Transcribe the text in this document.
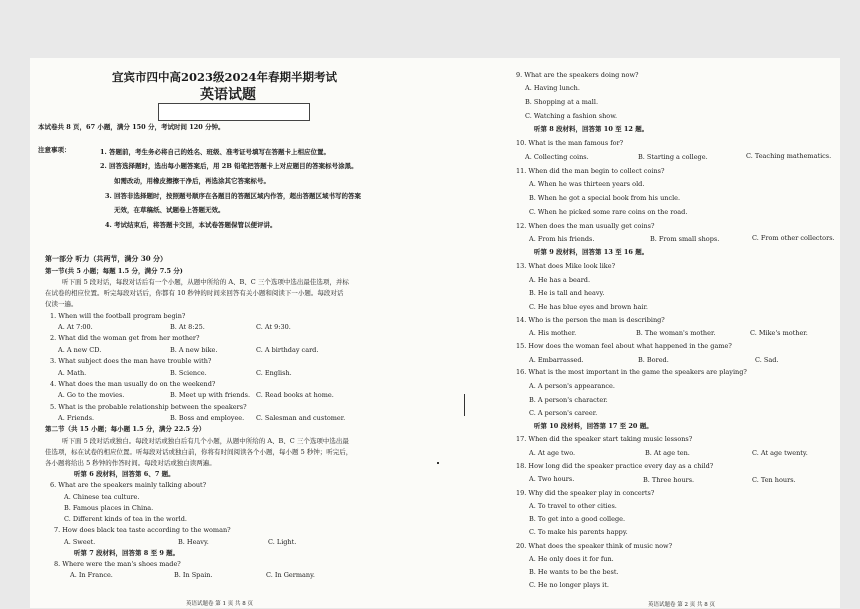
宜宾市四中高2023级2024年春期半期考试
英语试题
本试卷共 8 页，67 小题，满分 150 分，考试时间 120 分钟。
注意事项：	1. 答题前，考生务必将自己的姓名、班级、准考证号填写在答题卡上相应位置。
2. 回答选择题时，选出每小题答案后，用 2B 铅笔把答题卡上对应题目的答案标号涂黑。
如需改动，用橡皮擦擦干净后，再选涂其它答案标号。
3. 回答非选择题时，按照题号顺序在各题目的答题区域内作答，超出答题区域书写的答案
无效，在草稿纸、试题卷上答题无效。
4. 考试结束后，将答题卡交回，本试卷答题保管以便评讲。
第一部分 听力（共两节，满分 30 分）
第一节(共 5 小题；每题 1.5 分，满分 7.5 分)
听下面 5 段对话，每段对话后有一个小题，从题中所给的 A、B、C 三个选项中选出最佳选项，并标
在试卷的相应位置。听完每段对话后，你都有 10 秒钟的时间来回答有关小题和阅读下一小题。每段对话
仅读一遍。
1. When will the football program begin?
A. At 7:00.	B. At 8:25.	C. At 9:30.
2. What did the woman get from her mother?
A. A new CD.	B. A new bike.	C. A birthday card.
3. What subject does the man have trouble with?
A. Math.	B. Science.	C. English.
4. What does the man usually do on the weekend?
A. Go to the movies.	B. Meet up with friends. C. Read books at home.
5. What is the probable relationship between the speakers?
A. Friends.	B. Boss and employee. C. Salesman and customer.
第二节（共 15 小题；每小题 1.5 分，满分 22.5 分）
听下面 5 段对话或独白。每段对话或独白后有几个小题，从题中所给的 A、B、C 三个选项中选出最
佳选项，标在试卷的相应位置。听每段对话或独白前，你将有时间阅读各个小题，每小题 5 秒钟；听完后，
各小题将给出 5 秒钟的作答时间。每段对话或独白读两遍。
听第 6 段材料，回答第 6、7 题。
6. What are the speakers mainly talking about?
A. Chinese tea culture.
B. Famous places in China.
C. Different kinds of tea in the world.
7. How does black tea taste according to the woman?
A. Sweet.	B. Heavy.	C. Light.
听第 7 段材料，回答第 8 至 9 题。
8. Where were the man's shoes made?
A. In France.	B. In Spain.	C. In Germany.
英语试题卷 第 1 页 共 8 页
9. What are the speakers doing now?
A. Having lunch.
B. Shopping at a mall.
C. Watching a fashion show.
听第 8 段材料，回答第 10 至 12 题。
10. What is the man famous for?
A. Collecting coins.	B. Starting a college.	C. Teaching mathematics.
11. When did the man begin to collect coins?
A. When he was thirteen years old.
B. When he got a special book from his uncle.
C. When he picked some rare coins on the road.
12. When does the man usually get coins?
A. From his friends.	B. From small shops.	C. From other collectors.
听第 9 段材料，回答第 13 至 16 题。
13. What does Mike look like?
A. He has a beard.
B. He is tall and heavy.
C. He has blue eyes and brown hair.
14. Who is the person the man is describing?
A. His mother.	B. The woman's mother.	C. Mike's mother.
15. How does the woman feel about what happened in the game?
A. Embarrassed.	B. Bored.	C. Sad.
16. What is the most important in the game the speakers are playing?
A. A person's appearance.
B. A person's character.
C. A person's career.
听第 10 段材料，回答第 17 至 20 题。
17. When did the speaker start taking music lessons?
A. At age two.	B. At age ten.	C. At age twenty.
18. How long did the speaker practice every day as a child?
A. Two hours.	B. Three hours.	C. Ten hours.
19. Why did the speaker play in concerts?
A. To travel to other cities.
B. To get into a good college.
C. To make his parents happy.
20. What does the speaker think of music now?
A. He only does it for fun.
B. He wants to be the best.
C. He no longer plays it.
英语试题卷 第 2 页 共 8 页
